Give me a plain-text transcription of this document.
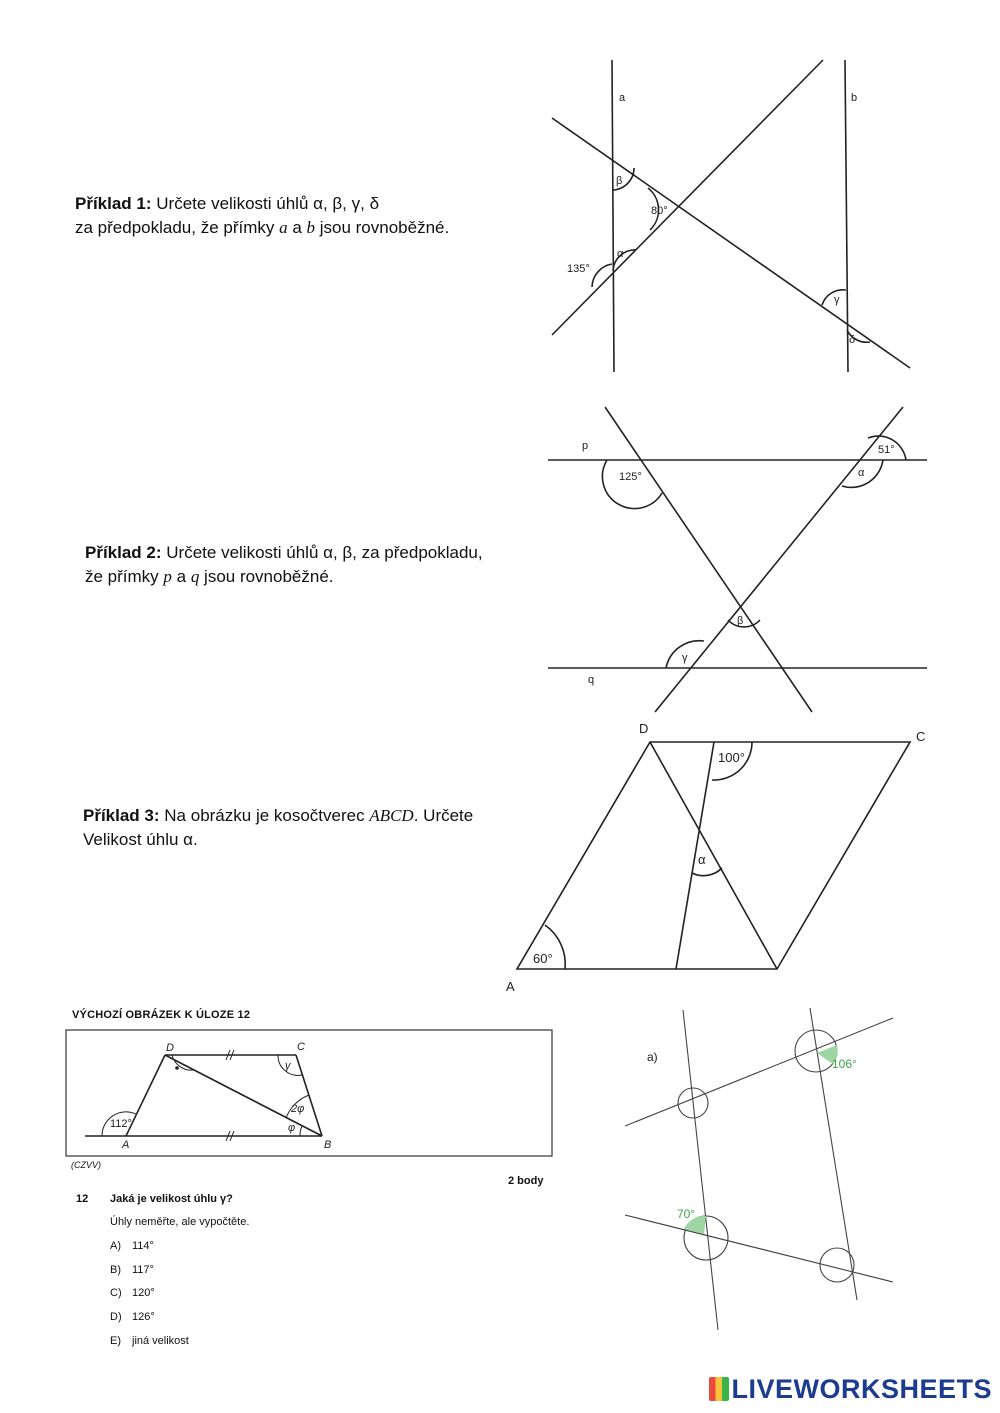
Příklad 1: Určete velikosti úhlů α, β, γ, δ
za předpokladu, že přímky a a b jsou rovnoběžné.
Příklad 2: Určete velikosti úhlů α, β, za předpokladu,
že přímky p a q jsou rovnoběžné.
Příklad 3: Na obrázku je kosočtverec ABCD. Určete
Velikost úhlu α.
a	b
β
80°
α
135°
γ
δ
p
q
125°
51°
α
β
γ
D
C
A
100°
α
60°
D	C
A	B
112°
γ
2φ
φ
a)	106°
70°
VÝCHOZÍ OBRÁZEK K ÚLOZE 12
(CZVV)
2 body
12 Jaká je velikost úhlu γ?
Úhly neměřte, ale vypočtěte.
A) 114°
B) 117°
C) 120°
D) 126°
E) jiná velikost
LIVEWORKSHEETS
